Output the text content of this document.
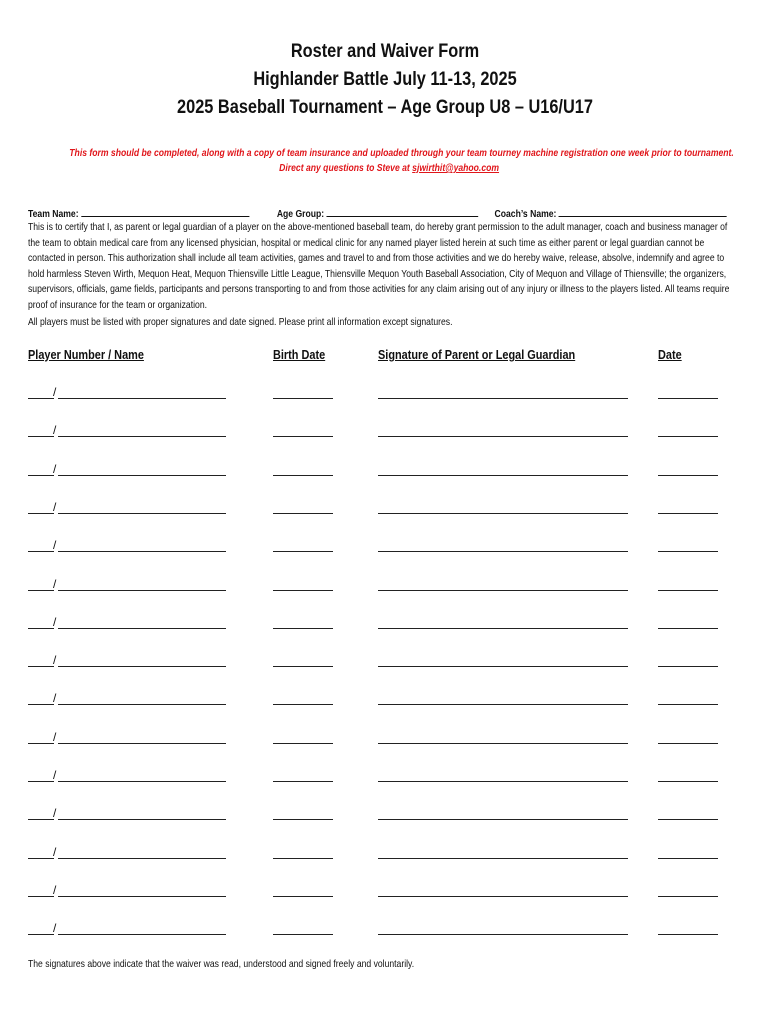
Roster and Waiver Form
Highlander Battle July 11-13, 2025
2025 Baseball Tournament – Age Group U8 – U16/U17
This form should be completed, along with a copy of team insurance and uploaded through your team tourney machine registration one week prior to tournament.
Direct any questions to Steve at sjwirthit@yahoo.com
Team Name:	Age Group:	Coach’s Name:
This is to certify that I, as parent or legal guardian of a player on the above-mentioned baseball team, do hereby grant permission to the adult manager, coach and business manager of the team to obtain medical care from any licensed physician, hospital or medical clinic for any named player listed herein at such time as either parent or legal guardian cannot be contacted in person. This authorization shall include all team activities, games and travel to and from those activities and we do hereby waive, release, absolve, indemnify and agree to hold harmless Steven Wirth, Mequon Heat, Mequon Thiensville Little League, Thiensville Mequon Youth Baseball Association, City of Mequon and Village of Thiensville; the organizers, supervisors, officials, game fields, participants and persons transporting to and from those activities for any claim arising out of any injury or illness to the players listed. All teams require proof of insurance for the team or organization.
All players must be listed with proper signatures and date signed. Please print all information except signatures.
Player Number / Name	Birth Date	Signature of Parent or Legal Guardian	Date
/
/
/
/
/
/
/
/
/
/
/
/
/
/
/
The signatures above indicate that the waiver was read, understood and signed freely and voluntarily.
